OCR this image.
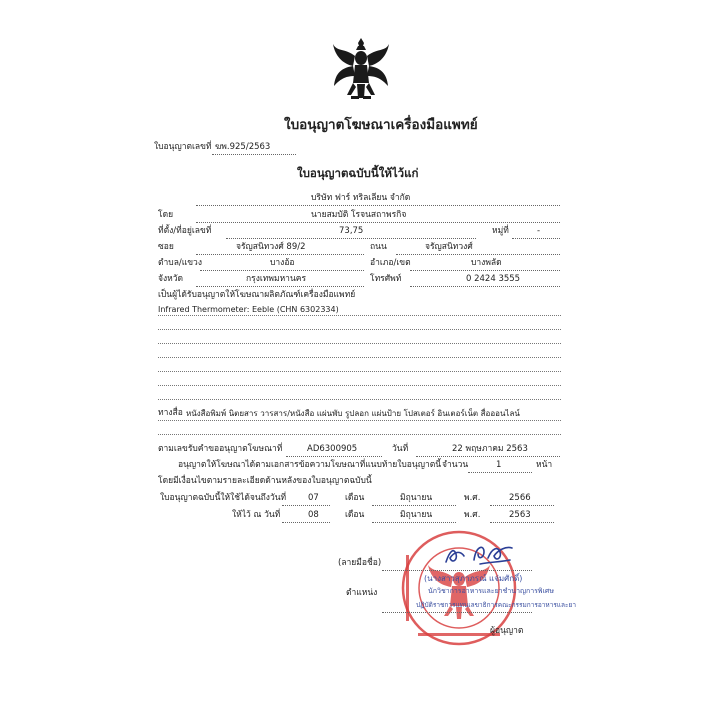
ใบอนุญาตโฆษณาเครื่องมือแพทย์
ใบอนุญาตเลขที่ ฆพ.925/2563
ใบอนุญาตฉบับนี้ให้ไว้แก่
บริษัท ฟาร์ ทริลเลียน จำกัด
โดย	นายสมบัติ โรจนสถาพรกิจ
ที่ตั้ง/ที่อยู่เลขที่	73,75	หมู่ที่	-
ซอย	จรัญสนิทวงศ์ 89/2	ถนน	จรัญสนิทวงศ์
ตำบล/แขวง	บางอ้อ	อำเภอ/เขต	บางพลัด
จังหวัด	กรุงเทพมหานคร	โทรศัพท์	0 2424 3555
เป็นผู้ได้รับอนุญาตให้โฆษณาผลิตภัณฑ์เครื่องมือแพทย์
Infrared Thermometer: Eeble (CHN 6302334)
ทางสื่อ หนังสือพิมพ์ นิตยสาร วารสาร/หนังสือ แผ่นพับ รูปลอก แผ่นป้าย โปสเตอร์ อินเตอร์เน็ต สื่อออนไลน์
ตามเลขรับคำขออนุญาตโฆษณาที่	AD6300905	วันที่	22 พฤษภาคม 2563
อนุญาตให้โฆษณาได้ตามเอกสารข้อความโฆษณาที่แนบท้ายใบอนุญาตนี้ จำนวน	1	หน้า
โดยมีเงื่อนไขตามรายละเอียดด้านหลังของใบอนุญาตฉบับนี้
ใบอนุญาตฉบับนี้ให้ใช้ได้จนถึงวันที่	07	เดือน	มิถุนายน	พ.ศ.	2566
ให้ไว้ ณ วันที่	08	เดือน	มิถุนายน	พ.ศ.	2563
(ลายมือชื่อ)
(นางสาวสุภาภรณ์ แจ่มศักดิ์)
ตำแหน่ง	นักวิชาการอาหารและยาชำนาญการพิเศษ
ปฏิบัติราชการแทนเลขาธิการคณะกรรมการอาหารและยา
ผู้อนุญาต
